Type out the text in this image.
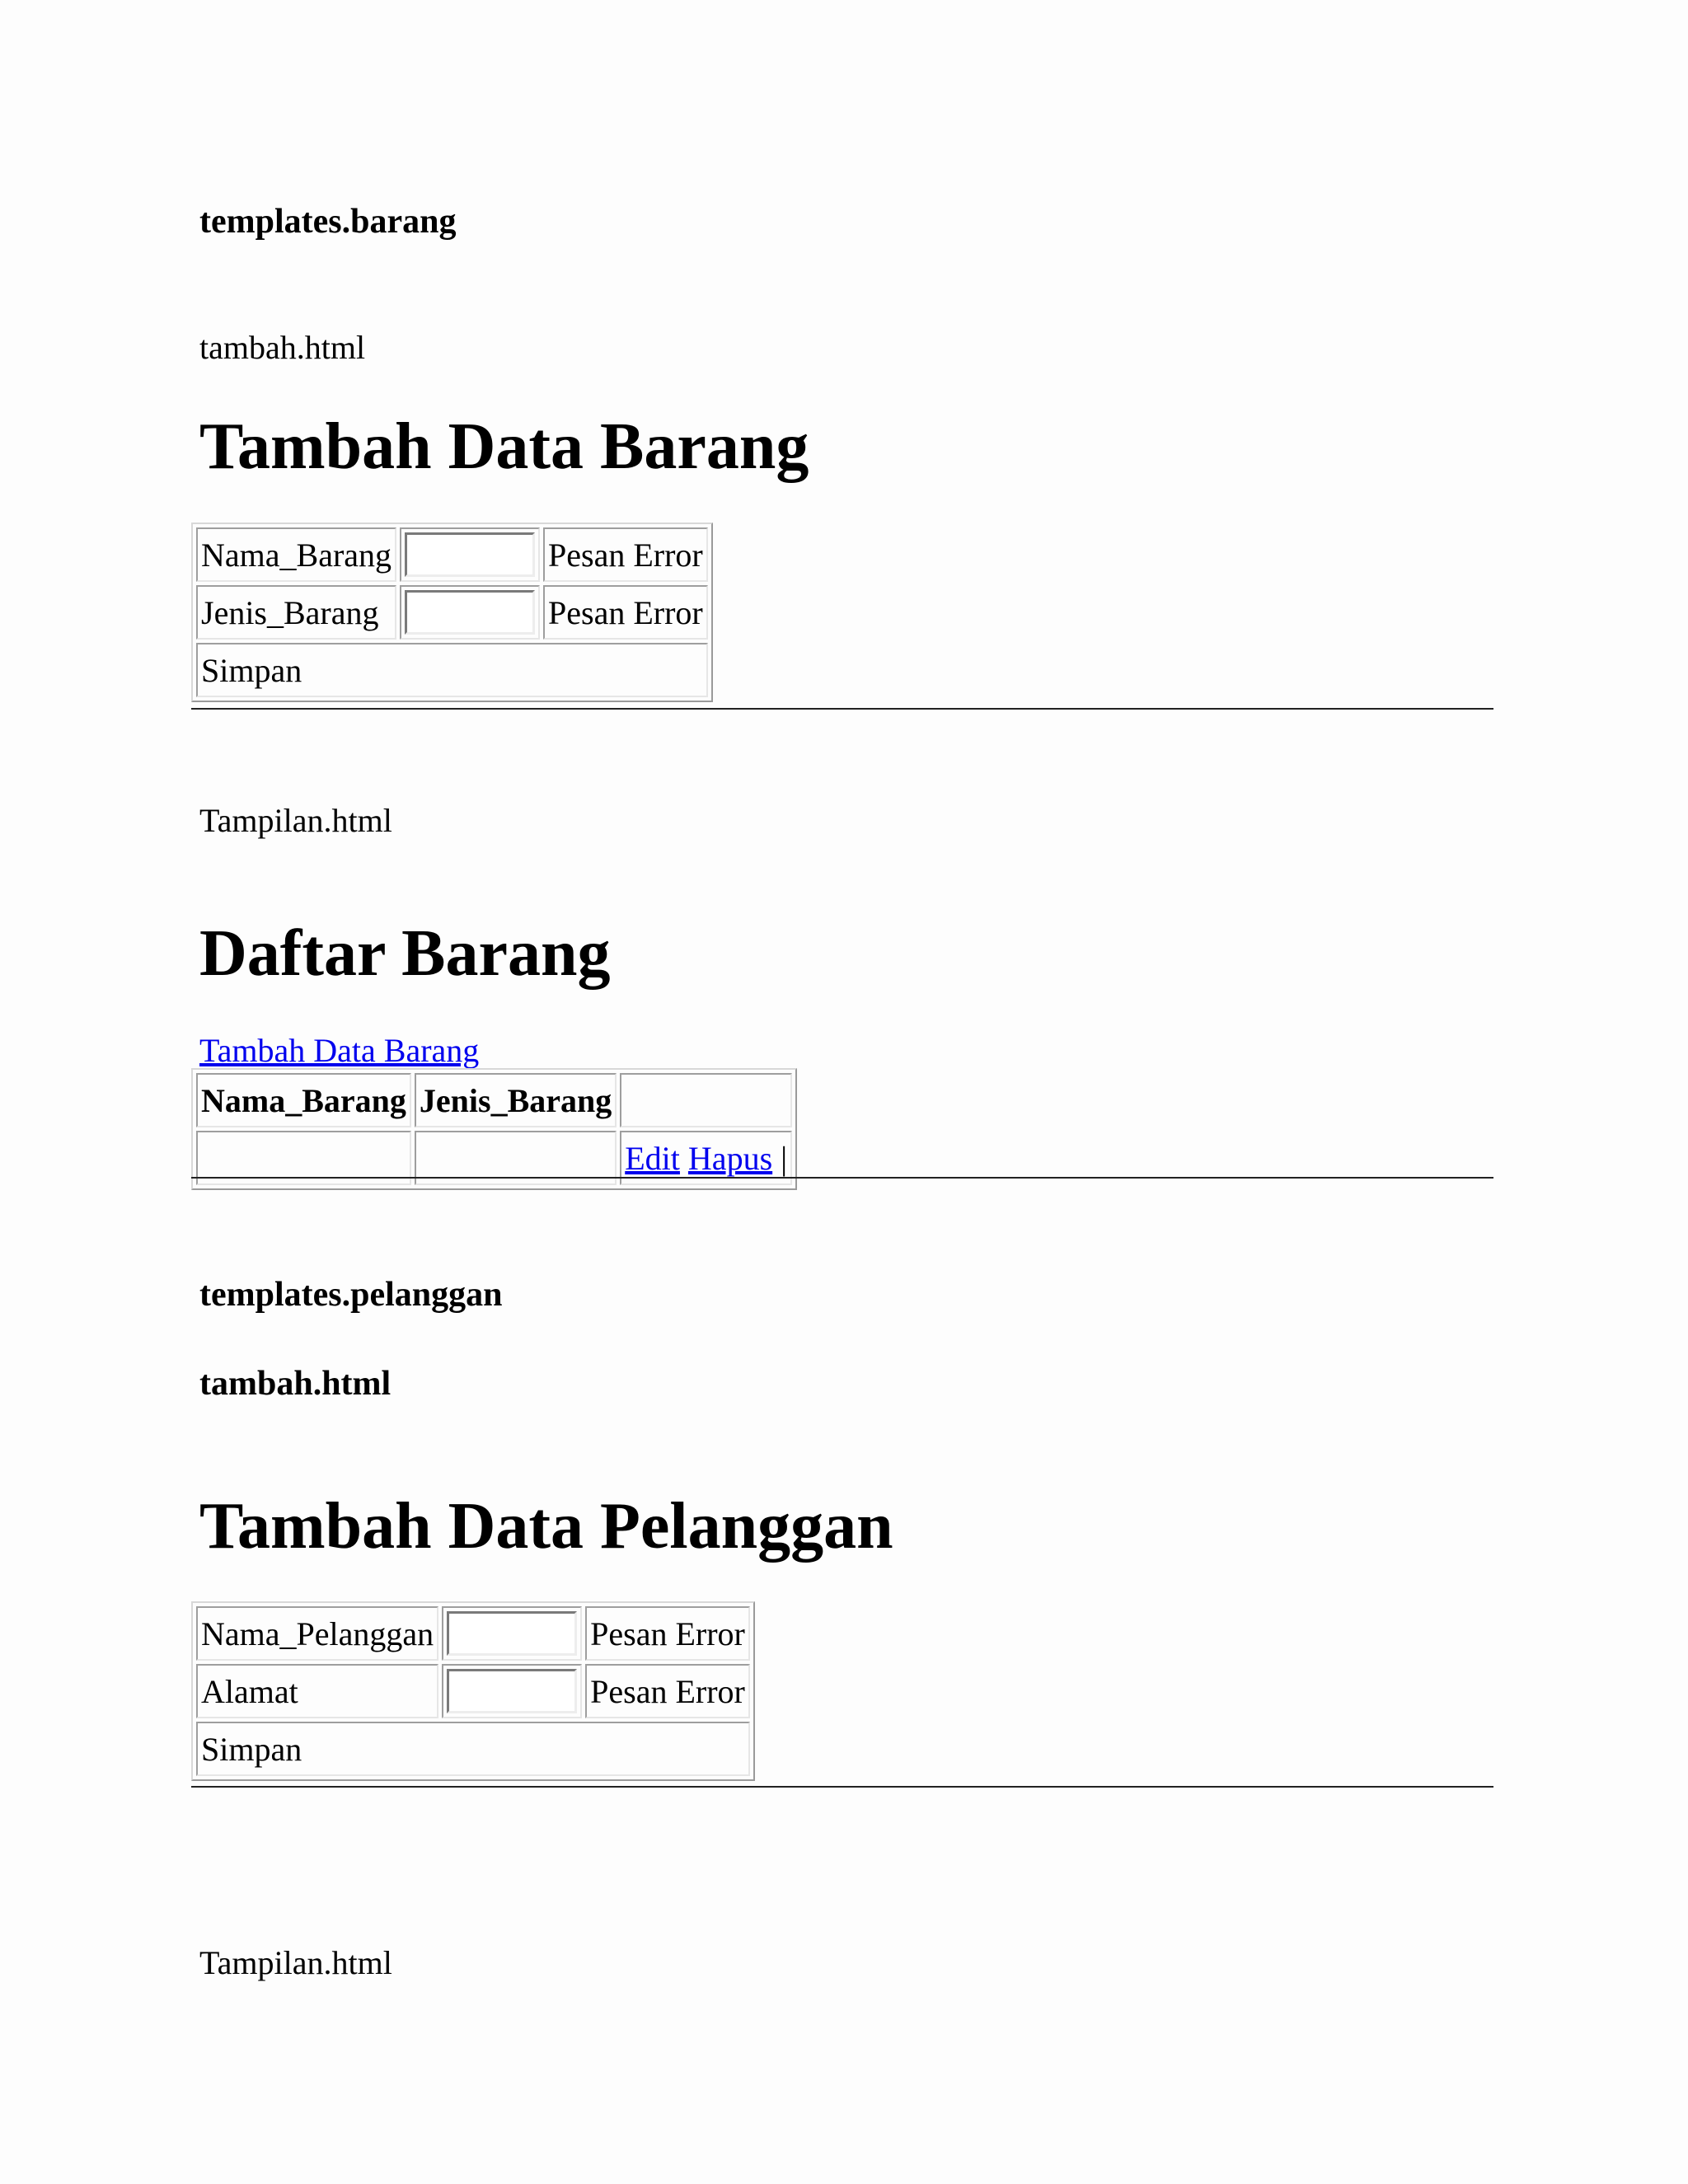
templates.barang
tambah.html
Tambah Data Barang
Nama_Barang		Pesan Error
Jenis_Barang		Pesan Error
Simpan		
Tampilan.html
Daftar Barang
Tambah Data Barang
Nama_Barang	Jenis_Barang	
		Edit Hapus |
templates.pelanggan
tambah.html
Tambah Data Pelanggan
Nama_Pelanggan		Pesan Error
Alamat		Pesan Error
Simpan		
Tampilan.html
